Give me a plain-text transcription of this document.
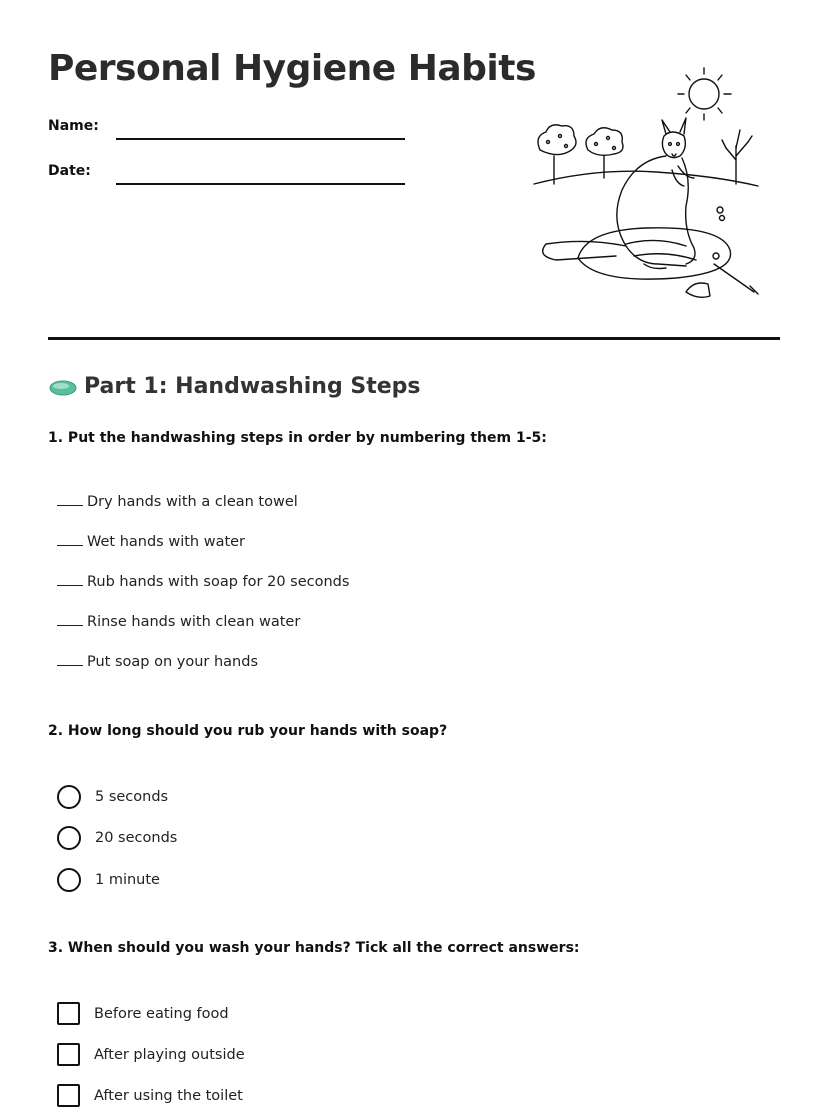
Personal Hygiene Habits
Name:
Date:
Part 1: Handwashing Steps
1. Put the handwashing steps in order by numbering them 1-5:
Dry hands with a clean towel
Wet hands with water
Rub hands with soap for 20 seconds
Rinse hands with clean water
Put soap on your hands
2. How long should you rub your hands with soap?
5 seconds
20 seconds
1 minute
3. When should you wash your hands? Tick all the correct answers:
Before eating food
After playing outside
After using the toilet
